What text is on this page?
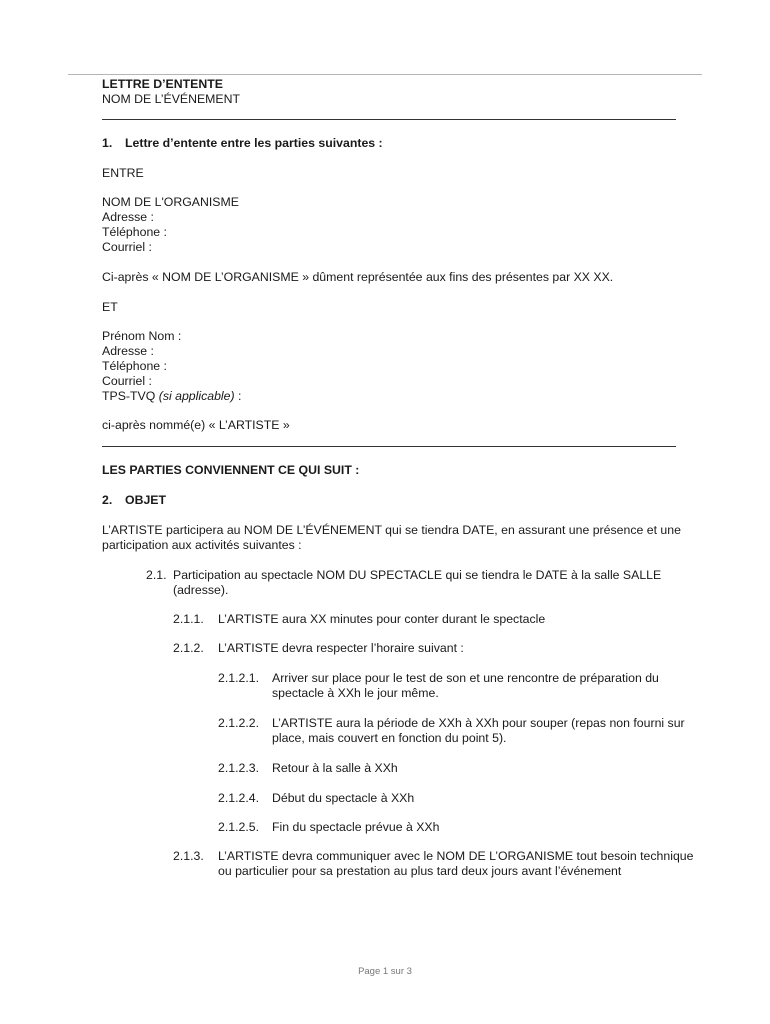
LETTRE D’ENTENTE
NOM DE L’ÉVÉNEMENT
1. Lettre d’entente entre les parties suivantes :
ENTRE
NOM DE L'ORGANISME
Adresse :
Téléphone :
Courriel :
Ci-après « NOM DE L’ORGANISME » dûment représentée aux fins des présentes par XX XX.
ET
Prénom Nom :
Adresse :
Téléphone :
Courriel :
TPS-TVQ (si applicable) :
ci-après nommé(e) « L’ARTISTE »
LES PARTIES CONVIENNENT CE QUI SUIT :
2. OBJET
L’ARTISTE participera au NOM DE L’ÉVÉNEMENT qui se tiendra DATE, en assurant une présence et une
participation aux activités suivantes :
2.1. Participation au spectacle NOM DU SPECTACLE qui se tiendra le DATE à la salle SALLE (adresse).
2.1.1. L’ARTISTE aura XX minutes pour conter durant le spectacle
2.1.2. L’ARTISTE devra respecter l’horaire suivant :
2.1.2.1. Arriver sur place pour le test de son et une rencontre de préparation du spectacle à XXh le jour même.
2.1.2.2. L’ARTISTE aura la période de XXh à XXh pour souper (repas non fourni sur place, mais couvert en fonction du point 5).
2.1.2.3. Retour à la salle à XXh
2.1.2.4. Début du spectacle à XXh
2.1.2.5. Fin du spectacle prévue à XXh
2.1.3. L’ARTISTE devra communiquer avec le NOM DE L’ORGANISME tout besoin technique ou particulier pour sa prestation au plus tard deux jours avant l’événement
Page 1 sur 3
